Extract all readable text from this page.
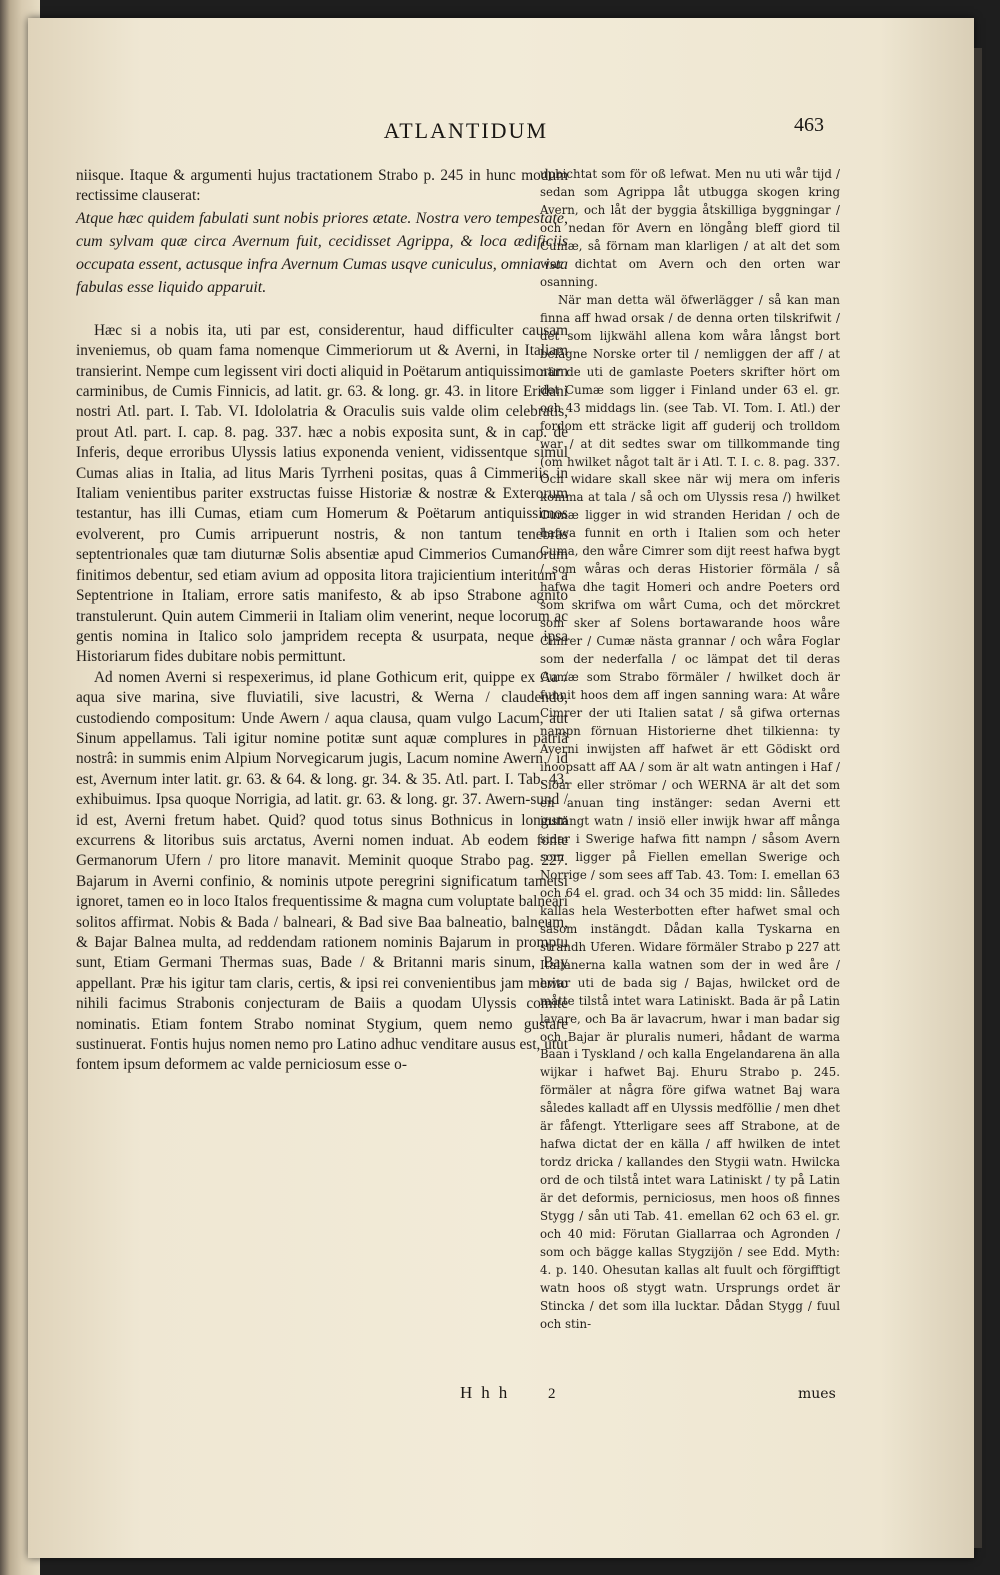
ATLANTIDUM	463

niisque. Itaque & argumenti hujus tractationem Strabo p. 245 in hunc modum rectissime clauserat:

Atque hæc quidem fabulati sunt nobis priores ætate. Nostra vero tempestate, cum sylvam quæ circa Avernum fuit, cecidisset Agrippa, & loca ædificiis occupata essent, actusque infra Avernum Cumas usqve cuniculus, omnia ista fabulas esse liquido apparuit.

Hæc si a nobis ita, uti par est, considerentur, haud difficulter causam inveniemus, ob quam fama nomenque Cimmeriorum ut & Averni, in Italiam transierint. Nempe cum legissent viri docti aliquid in Poëtarum antiquissimorum carminibus, de Cumis Finnicis, ad latit. gr. 63. & long. gr. 43. in litore Eridani nostri Atl. part. I. Tab. VI. Idololatria & Oraculis suis valde olim celebratis, prout Atl. part. I. cap. 8. pag. 337. hæc a nobis exposita sunt, & in cap. de Inferis, deque erroribus Ulyssis latius exponenda venient, vidissentque simul Cumas alias in Italia, ad litus Maris Tyrrheni positas, quas â Cimmeriis in Italiam venientibus pariter exstructas fuisse Historiæ & nostræ & Exterorum testantur, has illi Cumas, etiam cum Homerum & Poëtarum antiquissimos evolverent, pro Cumis arripuerunt nostris, & non tantum tenebras septentrionales quæ tam diuturnæ Solis absentiæ apud Cimmerios Cumanorum finitimos debentur, sed etiam avium ad opposita litora trajicientium interitum a Septentrione in Italiam, errore satis manifesto, & ab ipso Strabone agnito transtulerunt. Quin autem Cimmerii in Italiam olim venerint, neque locorum ac gentis nomina in Italico solo jampridem recepta & usurpata, neque ipsa Historiarum fides dubitare nobis permittunt.

Ad nomen Averni si respexerimus, id plane Gothicum erit, quippe ex Aa / aqua sive marina, sive fluviatili, sive lacustri, & Werna / claudendo, custodiendo compositum: Unde Awern / aqua clausa, quam vulgo Lacum, aut Sinum appellamus. Tali igitur nomine potitæ sunt aquæ complures in patriâ nostrâ: in summis enim Alpium Norvegicarum jugis, Lacum nomine Awern / id est, Avernum inter latit. gr. 63. & 64. & long. gr. 34. & 35. Atl. part. I. Tab. 43. exhibuimus. Ipsa quoque Norrigia, ad latit. gr. 63. & long. gr. 37. Awern-sund / id est, Averni fretum habet. Quid? quod totus sinus Bothnicus in longum excurrens & litoribus suis arctatus, Averni nomen induat. Ab eodem fonte Germanorum Ufern / pro litore manavit. Meminit quoque Strabo pag. 227. Bajarum in Averni confinio, & nominis utpote peregrini significatum tametsi ignoret, tamen eo in loco Italos frequentissime & magna cum voluptate balneari solitos affirmat. Nobis & Bada / balneari, & Bad sive Baa balneatio, balneum, & Bajar Balnea multa, ad reddendam rationem nominis Bajarum in promptu sunt, Etiam Germani Thermas suas, Bade / & Britanni maris sinum, Bay appellant. Præ his igitur tam claris, certis, & ipsi rei convenientibus jam merito nihili facimus Strabonis conjecturam de Baiis a quodam Ulyssis comite nominatis. Etiam fontem Strabo nominat Stygium, quem nemo gustare sustinuerat. Fontis hujus nomen nemo pro Latino adhuc venditare ausus est, utut fontem ipsum deformem ac valde perniciosum esse o-

upbichtat som för oß lefwat. Men nu uti wår tijd / sedan som Agrippa låt utbugga skogen kring Avern, och låt der byggia åtskilliga byggningar / och nedan för Avern en löngång bleff giord til Cumæ, så förnam man klarligen / at alt det som war dichtat om Avern och den orten war osanning.

När man detta wäl öfwerlägger / så kan man finna aff hwad orsak / de denna orten tilskrifwit / det som lijkwähl allena kom wåra långst bort belägne Norske orter til / nemliggen der aff / at när de uti de gamlaste Poeters skrifter hört om det Cumæ som ligger i Finland under 63 el. gr. och 43 middags lin. (see Tab. VI. Tom. I. Atl.) der fordom ett sträcke ligit aff guderij och trolldom war / at dit sedtes swar om tillkommande ting (om hwilket något talt är i Atl. T. I. c. 8. pag. 337. Och widare skall skee när wij mera om inferis komma at tala / så och om Ulyssis resa /) hwilket Cumæ ligger in wid stranden Heridan / och de hafwa funnit en orth i Italien som och heter Cuma, den wåre Cimrer som dijt reest hafwa bygt / som wåras och deras Historier förmäla / så hafwa dhe tagit Homeri och andre Poeters ord som skrifwa om wårt Cuma, och det mörckret som sker af Solens bortawarande hoos wåre Cimrer / Cumæ nästa grannar / och wåra Foglar som der nederfalla / oc lämpat det til deras Cumæ som Strabo förmäler / hwilket doch är funnit hoos dem aff ingen sanning wara: At wåre Cimrer der uti Italien satat / så gifwa orternas nampn förnuan Historierne dhet tilkienna: ty Averni inwijsten aff hafwet är ett Gödiskt ord ihoopsatt aff AA / som är alt watn antingen i Haf / Siöar eller strömar / och WERNA är alt det som en anuan ting instänger: sedan Averni ett instängt watn / insiö eller inwijk hwar aff många sidar i Swerige hafwa fitt nampn / såsom Avern som ligger på Fiellen emellan Swerige och Norrige / som sees aff Tab. 43. Tom: I. emellan 63 och 64 el. grad. och 34 och 35 midd: lin. Sålledes kallas hela Westerbotten efter hafwet smal och såsom instängdt. Dådan kalla Tyskarna en strandh Uferen. Widare förmäler Strabo p 227 att Italianerna kalla watnen som der in wed åre / hwar uti de bada sig / Bajas, hwilcket ord de måtte tilstå intet wara Latiniskt. Bada är på Latin lavare, och Ba är lavacrum, hwar i man badar sig och Bajar är pluralis numeri, hådant de warma Baan i Tyskland / och kalla Engelandarena än alla wijkar i hafwet Baj. Ehuru Strabo p. 245. förmäler at några före gifwa watnet Baj wara således kalladt aff en Ulyssis medföllie / men dhet är fåfengt. Ytterligare sees aff Strabone, at de hafwa dictat der en källa / aff hwilken de intet tordz dricka / kallandes den Stygii watn. Hwilcka ord de och tilstå intet wara Latiniskt / ty på Latin är det deformis, perniciosus, men hoos oß finnes Stygg / sån uti Tab. 41. emellan 62 och 63 el. gr. och 40 mid: Förutan Giallarraa och Agronden / som och bägge kallas Stygzijön / see Edd. Myth: 4. p. 140. Ohesutan kallas alt fuult och förgifftigt watn hoos oß stygt watn. Ursprungs ordet är Stincka / det som illa lucktar. Dådan Stygg / fuul och stin-

Hhh 2	mues
